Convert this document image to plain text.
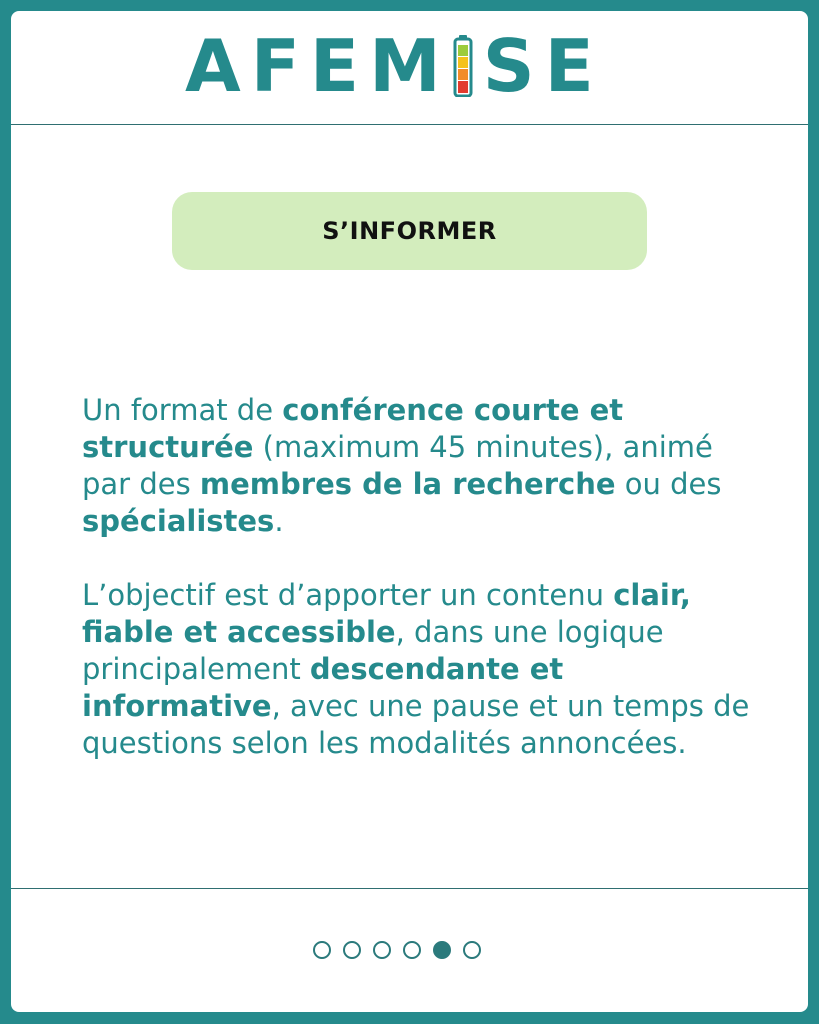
AFEM SE
S’INFORMER

Un format de conférence courte et structurée (maximum 45 minutes), animé par des membres de la recherche ou des spécialistes.

L’objectif est d’apporter un contenu clair, fiable et accessible, dans une logique principalement descendante et informative, avec une pause et un temps de questions selon les modalités annoncées.
